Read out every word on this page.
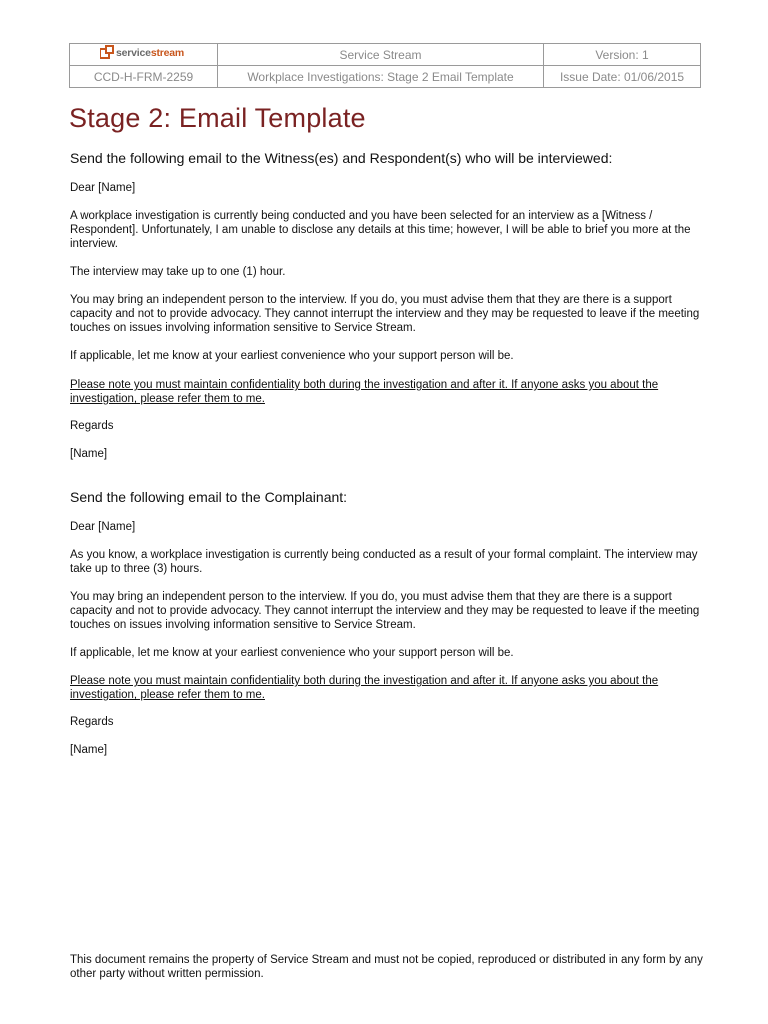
servicestream	Service Stream	Version: 1
CCD-H-FRM-2259	Workplace Investigations: Stage 2 Email Template	Issue Date: 01/06/2015
Stage 2: Email Template

Send the following email to the Witness(es) and Respondent(s) who will be interviewed:

Dear [Name]

A workplace investigation is currently being conducted and you have been selected for an interview as a [Witness / Respondent]. Unfortunately, I am unable to disclose any details at this time; however, I will be able to brief you more at the interview.

The interview may take up to one (1) hour.

You may bring an independent person to the interview. If you do, you must advise them that they are there is a support capacity and not to provide advocacy. They cannot interrupt the interview and they may be requested to leave if the meeting touches on issues involving information sensitive to Service Stream.

If applicable, let me know at your earliest convenience who your support person will be.

Please note you must maintain confidentiality both during the investigation and after it. If anyone asks you about the investigation, please refer them to me.

Regards

[Name]

Send the following email to the Complainant:

Dear [Name]

As you know, a workplace investigation is currently being conducted as a result of your formal complaint. The interview may take up to three (3) hours.

You may bring an independent person to the interview. If you do, you must advise them that they are there is a support capacity and not to provide advocacy. They cannot interrupt the interview and they may be requested to leave if the meeting touches on issues involving information sensitive to Service Stream.

If applicable, let me know at your earliest convenience who your support person will be.

Please note you must maintain confidentiality both during the investigation and after it. If anyone asks you about the investigation, please refer them to me.

Regards

[Name]

This document remains the property of Service Stream and must not be copied, reproduced or distributed in any form by any other party without written permission.
